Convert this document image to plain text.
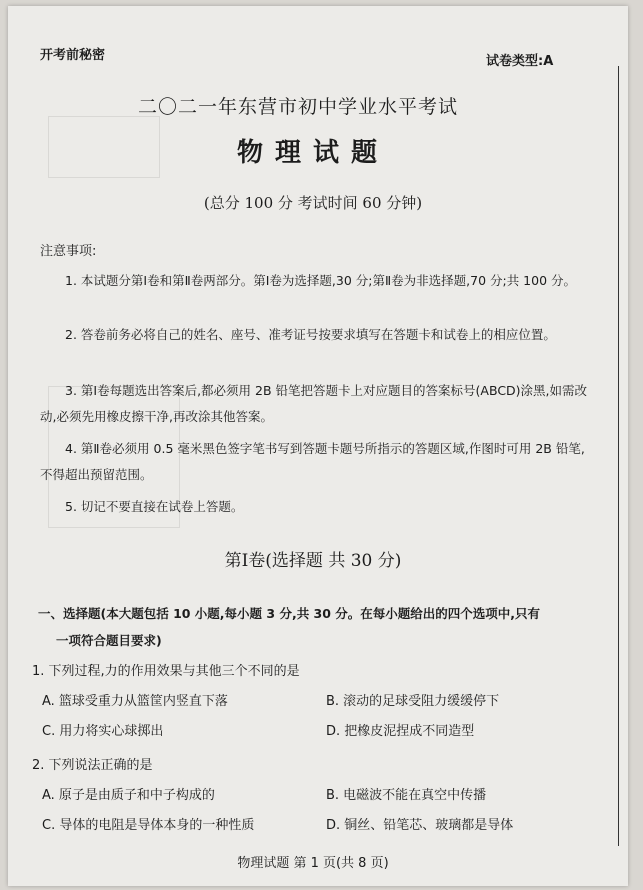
开考前秘密	试卷类型:A
二〇二一年东营市初中学业水平考试
物理试题
(总分 100 分 考试时间 60 分钟)
注意事项:
1. 本试题分第Ⅰ卷和第Ⅱ卷两部分。第Ⅰ卷为选择题,30 分;第Ⅱ卷为非选择题,70 分;共 100 分。
2. 答卷前务必将自己的姓名、座号、准考证号按要求填写在答题卡和试卷上的相应位置。
3. 第Ⅰ卷每题选出答案后,都必须用 2B 铅笔把答题卡上对应题目的答案标号(ABCD)涂黑,如需改动,必须先用橡皮擦干净,再改涂其他答案。
4. 第Ⅱ卷必须用 0.5 毫米黑色签字笔书写到答题卡题号所指示的答题区域,作图时可用 2B 铅笔,不得超出预留范围。
5. 切记不要直接在试卷上答题。
第Ⅰ卷(选择题 共 30 分)
一、选择题(本大题包括 10 小题,每小题 3 分,共 30 分。在每小题给出的四个选项中,只有
一项符合题目要求)
1. 下列过程,力的作用效果与其他三个不同的是
A. 篮球受重力从篮筐内竖直下落	B. 滚动的足球受阻力缓缓停下
C. 用力将实心球掷出	D. 把橡皮泥捏成不同造型
2. 下列说法正确的是
A. 原子是由质子和中子构成的	B. 电磁波不能在真空中传播
C. 导体的电阻是导体本身的一种性质	D. 铜丝、铅笔芯、玻璃都是导体
物理试题 第 1 页(共 8 页)
